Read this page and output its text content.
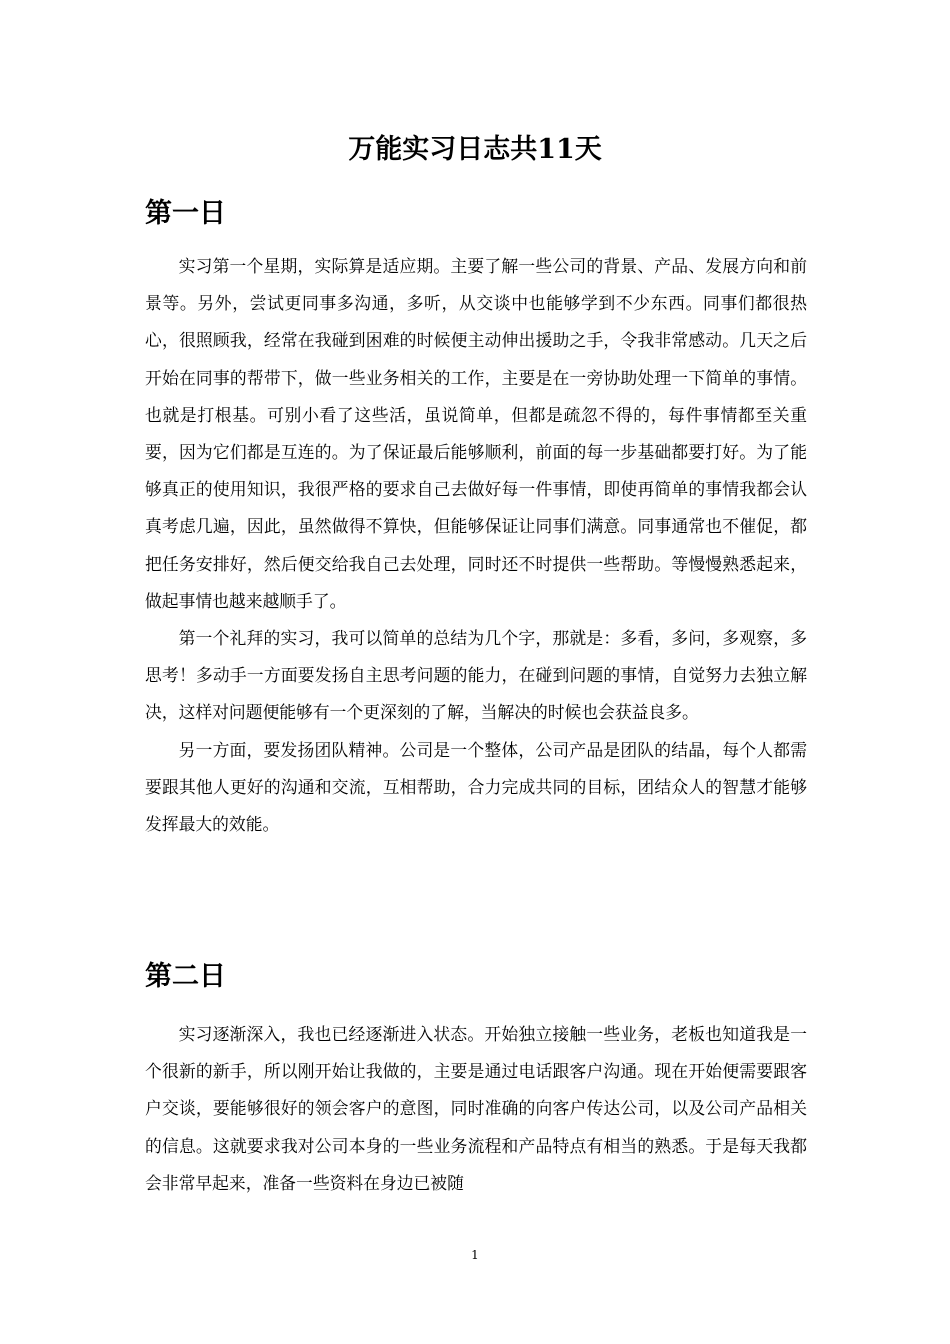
万能实习日志共11天
第一日

实习第一个星期，实际算是适应期。主要了解一些公司的背景、产品、发展方向和前景等。另外，尝试更同事多沟通，多听，从交谈中也能够学到不少东西。同事们都很热心，很照顾我，经常在我碰到困难的时候便主动伸出援助之手，令我非常感动。几天之后开始在同事的帮带下，做一些业务相关的工作，主要是在一旁协助处理一下简单的事情。也就是打根基。可别小看了这些活，虽说简单，但都是疏忽不得的，每件事情都至关重要，因为它们都是互连的。为了保证最后能够顺利，前面的每一步基础都要打好。为了能够真正的使用知识，我很严格的要求自己去做好每一件事情，即使再简单的事情我都会认真考虑几遍，因此，虽然做得不算快，但能够保证让同事们满意。同事通常也不催促，都把任务安排好，然后便交给我自己去处理，同时还不时提供一些帮助。等慢慢熟悉起来，做起事情也越来越顺手了。

第一个礼拜的实习，我可以简单的总结为几个字，那就是：多看，多问，多观察，多思考！多动手一方面要发扬自主思考问题的能力，在碰到问题的事情，自觉努力去独立解决，这样对问题便能够有一个更深刻的了解，当解决的时候也会获益良多。

另一方面，要发扬团队精神。公司是一个整体，公司产品是团队的结晶，每个人都需要跟其他人更好的沟通和交流，互相帮助，合力完成共同的目标，团结众人的智慧才能够发挥最大的效能。

第二日

实习逐渐深入，我也已经逐渐进入状态。开始独立接触一些业务，老板也知道我是一个很新的新手，所以刚开始让我做的，主要是通过电话跟客户沟通。现在开始便需要跟客户交谈，要能够很好的领会客户的意图，同时准确的向客户传达公司，以及公司产品相关的信息。这就要求我对公司本身的一些业务流程和产品特点有相当的熟悉。于是每天我都会非常早起来，准备一些资料在身边已被随

1
